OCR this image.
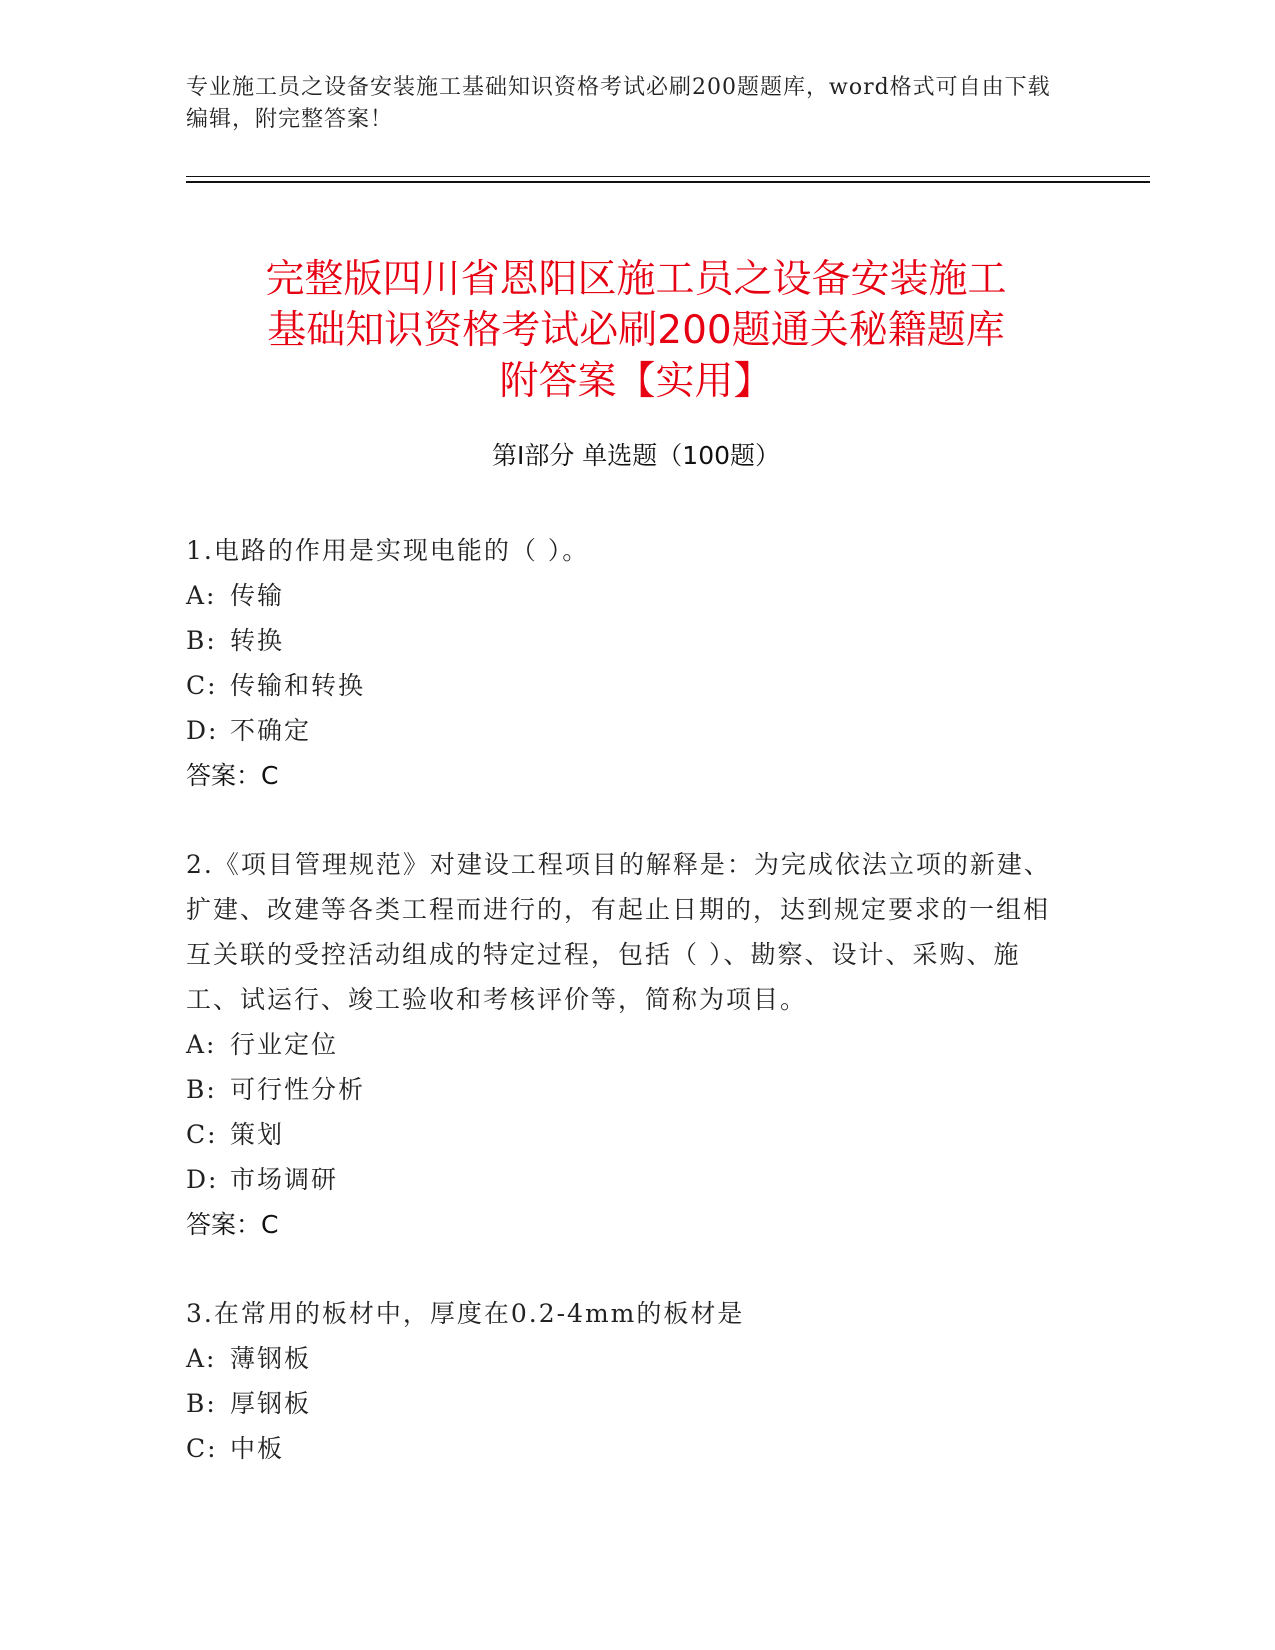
专业施工员之设备安装施工基础知识资格考试必刷200题题库，word格式可自由下载编辑，附完整答案！
完整版四川省恩阳区施工员之设备安装施工
基础知识资格考试必刷200题通关秘籍题库
附答案【实用】
第I部分 单选题（100题）

1.电路的作用是实现电能的（ ）。

A: 传输

B: 转换

C: 传输和转换

D: 不确定

答案：C

2.《项目管理规范》对建设工程项目的解释是：为完成依法立项的新建、扩建、改建等各类工程而进行的，有起止日期的，达到规定要求的一组相互关联的受控活动组成的特定过程，包括（ ）、勘察、设计、采购、施工、试运行、竣工验收和考核评价等，简称为项目。

A: 行业定位

B: 可行性分析

C: 策划

D: 市场调研

答案：C

3.在常用的板材中，厚度在0.2-4mm的板材是

A: 薄钢板

B: 厚钢板

C: 中板
